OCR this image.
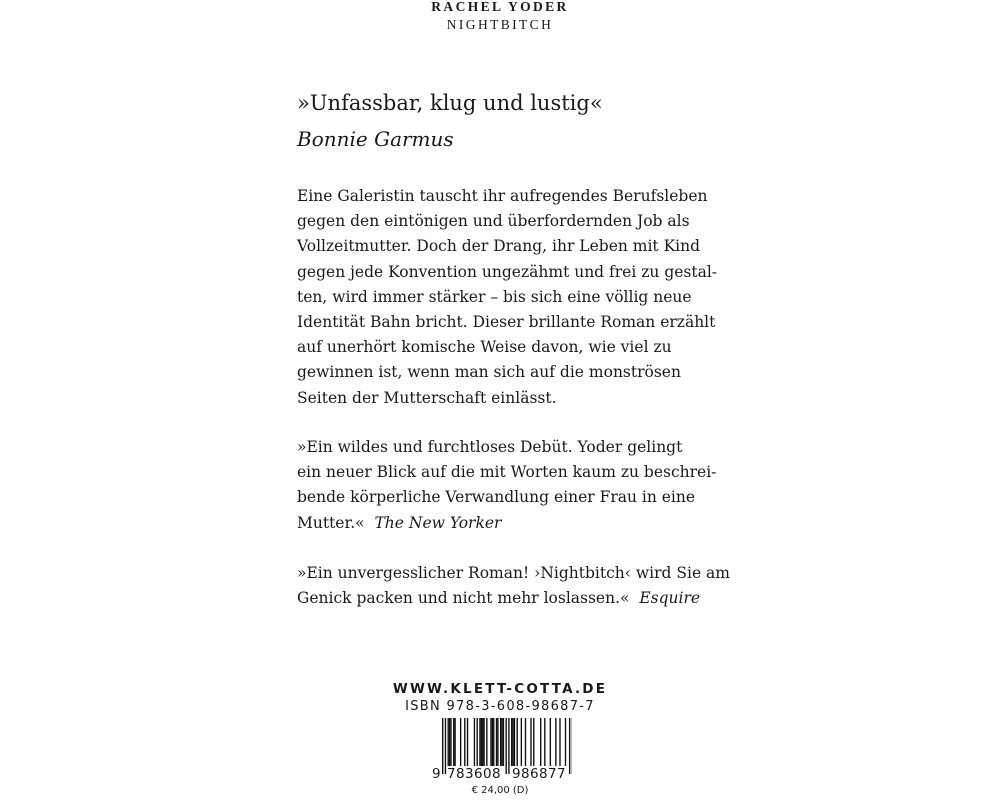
RACHEL YODER
NIGHTBITCH

»Unfassbar, klug und lustig«

Bonnie Garmus

Eine Galeristin tauscht ihr aufregendes Berufsleben
gegen den eintönigen und überfordernden Job als
Vollzeitmutter. Doch der Drang, ihr Leben mit Kind
gegen jede Konvention ungezähmt und frei zu gestal-
ten, wird immer stärker – bis sich eine völlig neue
Identität Bahn bricht. Dieser brillante Roman erzählt
auf unerhört komische Weise davon, wie viel zu
gewinnen ist, wenn man sich auf die monströsen
Seiten der Mutterschaft einlässt.

»Ein wildes und furchtloses Debüt. Yoder gelingt
ein neuer Blick auf die mit Worten kaum zu beschrei-
bende körperliche Verwandlung einer Frau in eine
Mutter.« The New Yorker

»Ein unvergesslicher Roman! ›Nightbitch‹ wird Sie am
Genick packen und nicht mehr loslassen.« Esquire

WWW.KLETT-COTTA.DE
ISBN 978-3-608-98687-7
9 783608 986877
€ 24,00 (D)
